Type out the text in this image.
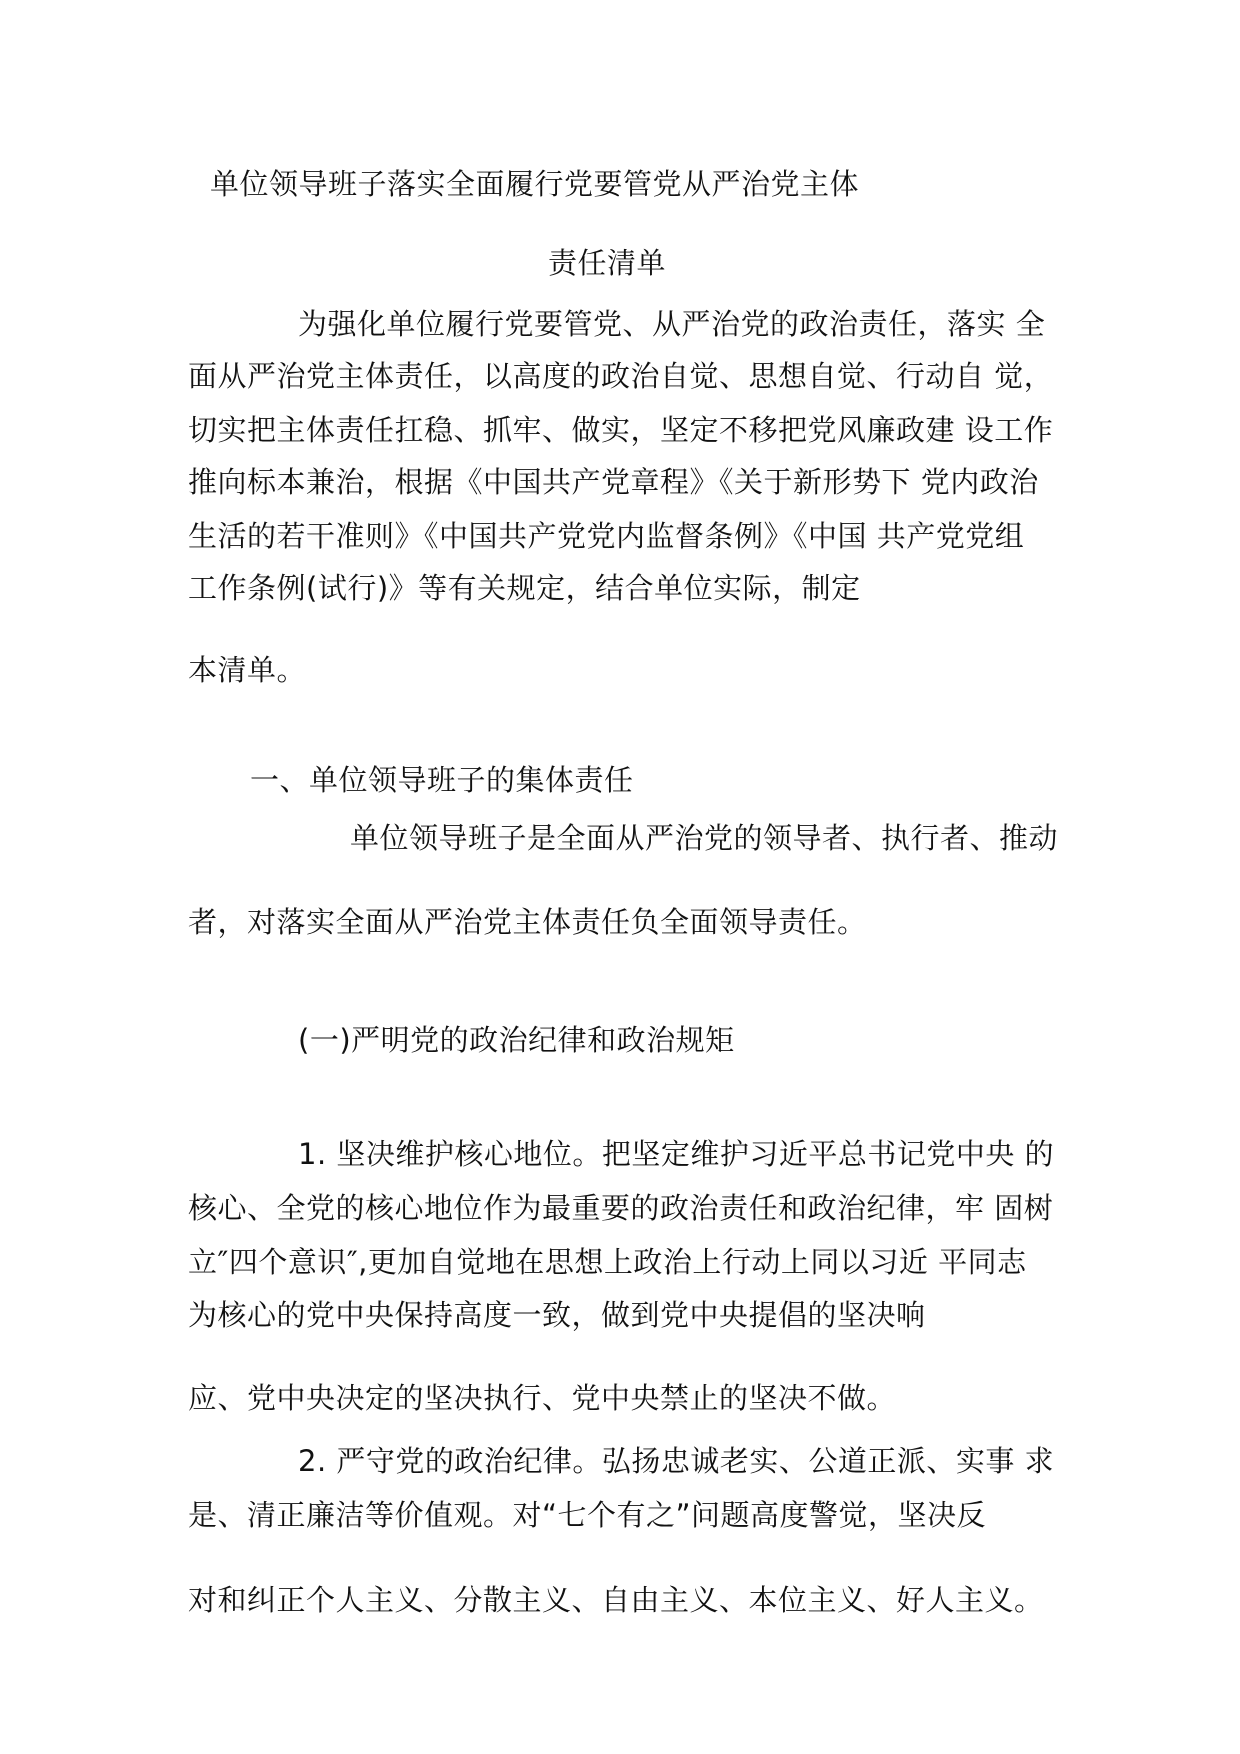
单位领导班子落实全面履行党要管党从严治党主体
责任清单
为强化单位履行党要管党、从严治党的政治责任，落实 全
面从严治党主体责任，以高度的政治自觉、思想自觉、行动自 觉，
切实把主体责任扛稳、抓牢、做实，坚定不移把党风廉政建 设工作
推向标本兼治，根据《中国共产党章程》《关于新形势下 党内政治
生活的若干准则》《中国共产党党内监督条例》《中国 共产党党组
工作条例(试行)》等有关规定，结合单位实际，制定
本清单。
一、单位领导班子的集体责任
单位领导班子是全面从严治党的领导者、执行者、推动
者，对落实全面从严治党主体责任负全面领导责任。
(一)严明党的政治纪律和政治规矩
1. 坚决维护核心地位。把坚定维护习近平总书记党中央 的
核心、全党的核心地位作为最重要的政治责任和政治纪律，牢 固树
立″四个意识″,更加自觉地在思想上政治上行动上同以习近 平同志
为核心的党中央保持高度一致，做到党中央提倡的坚决响
应、党中央决定的坚决执行、党中央禁止的坚决不做。
2. 严守党的政治纪律。弘扬忠诚老实、公道正派、实事 求
是、清正廉洁等价值观。对“七个有之”问题高度警觉，坚决反
对和纠正个人主义、分散主义、自由主义、本位主义、好人主义。
